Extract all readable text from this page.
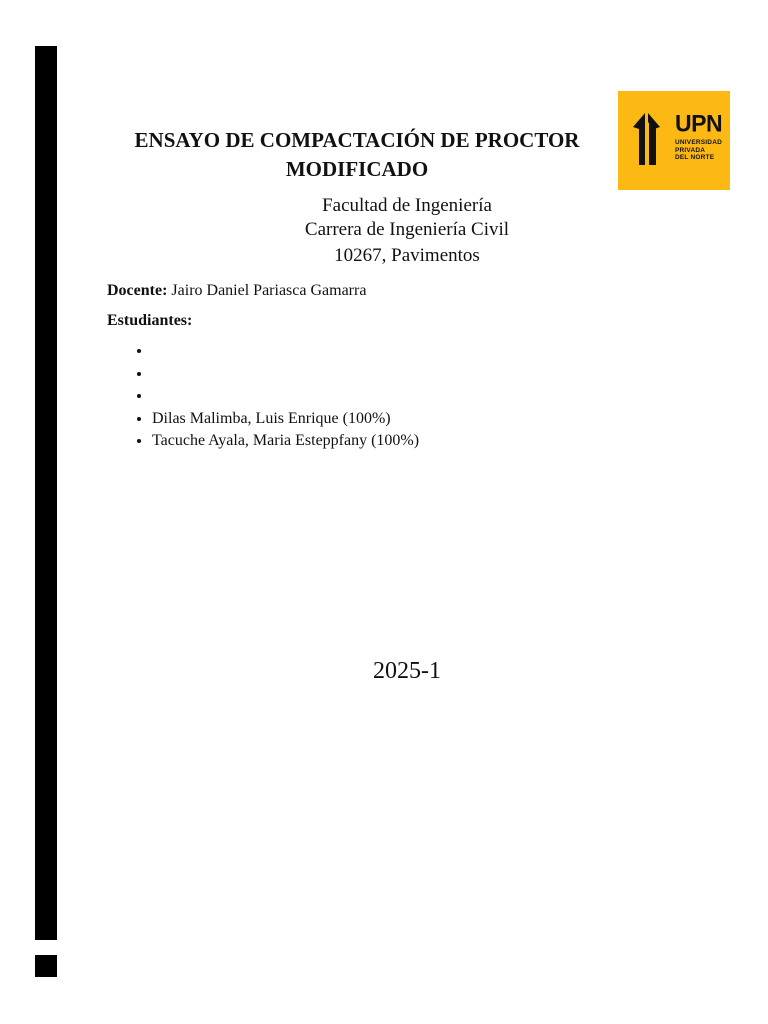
UPN
UNIVERSIDAD
PRIVADA
DEL NORTE
ENSAYO DE COMPACTACIÓN DE PROCTOR
MODIFICADO
Facultad de Ingeniería
Carrera de Ingeniería Civil
10267, Pavimentos
Docente: Jairo Daniel Pariasca Gamarra
Estudiantes:
•
•
•
• Dilas Malimba, Luis Enrique (100%)
• Tacuche Ayala, Maria Esteppfany (100%)
2025-1
